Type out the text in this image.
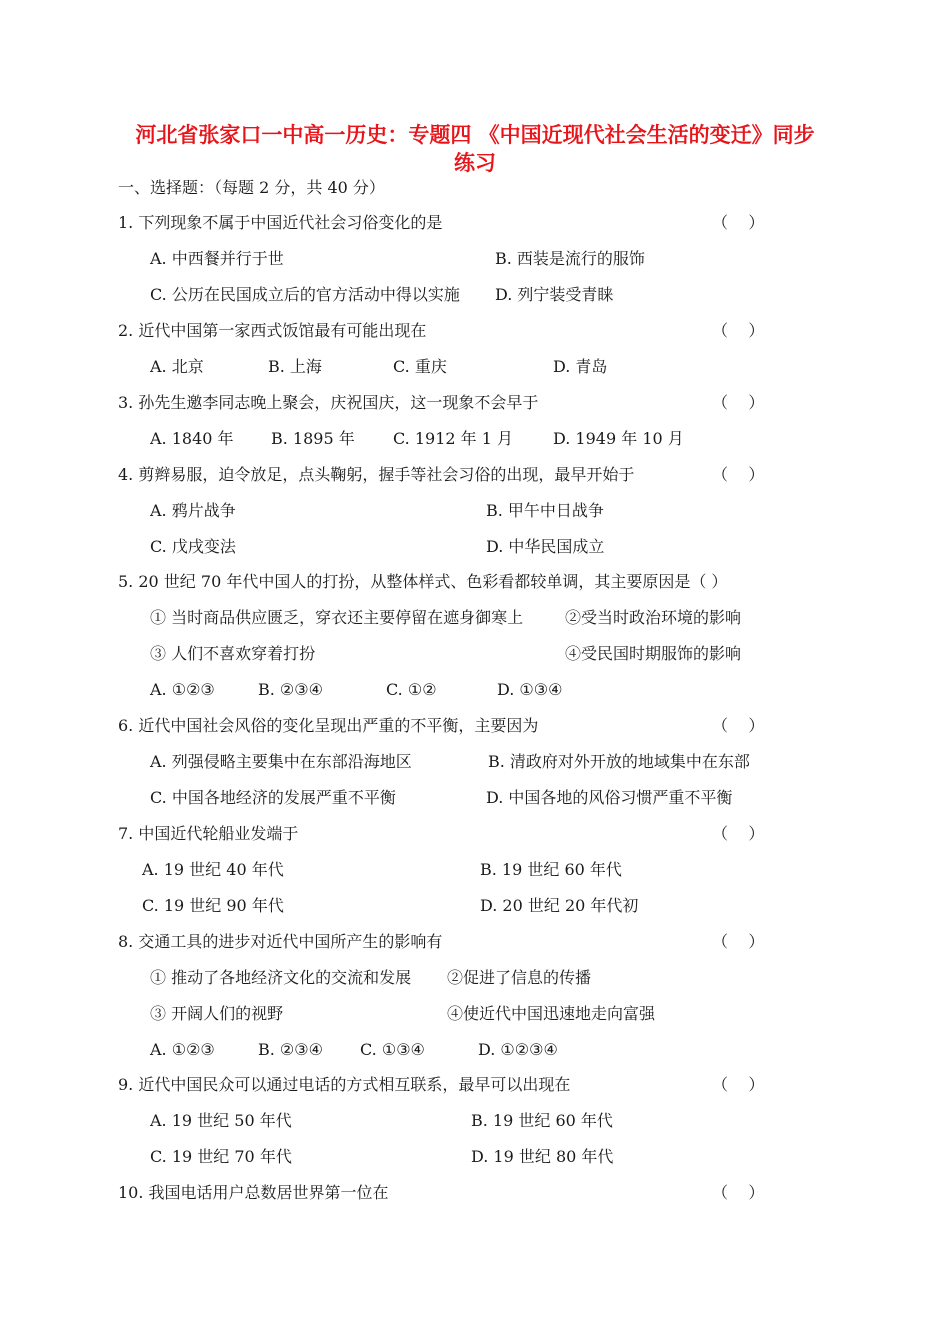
河北省张家口一中高一历史：专题四 《中国近现代社会生活的变迁》同步
练习
一、选择题：（每题 2 分，共 40 分）
1. 下列现象不属于中国近代社会习俗变化的是	（    ）
A. 中西餐并行于世	B. 西装是流行的服饰
C. 公历在民国成立后的官方活动中得以实施 D. 列宁装受青睐
2. 近代中国第一家西式饭馆最有可能出现在	（    ）
A. 北京	B. 上海	C. 重庆	D. 青岛
3. 孙先生邀李同志晚上聚会，庆祝国庆，这一现象不会早于	（    ）
A. 1840 年 B. 1895 年 C. 1912 年 1 月 D. 1949 年 10 月
4. 剪辫易服，迫令放足，点头鞠躬，握手等社会习俗的出现，最早开始于	（    ）
A. 鸦片战争	B. 甲午中日战争
C. 戊戌变法	D. 中华民国成立
5. 20 世纪 70 年代中国人的打扮，从整体样式、色彩看都较单调，其主要原因是（ ）
① 当时商品供应匮乏，穿衣还主要停留在遮身御寒上	②受当时政治环境的影响
③ 人们不喜欢穿着打扮	④受民国时期服饰的影响
A. ①②③	B. ②③④	C. ①②	D. ①③④
6. 近代中国社会风俗的变化呈现出严重的不平衡，主要因为	（    ）
A. 列强侵略主要集中在东部沿海地区	B. 清政府对外开放的地域集中在东部
C. 中国各地经济的发展严重不平衡	D. 中国各地的风俗习惯严重不平衡
7. 中国近代轮船业发端于	（    ）
A. 19 世纪 40 年代	B. 19 世纪 60 年代
C. 19 世纪 90 年代	D. 20 世纪 20 年代初
8. 交通工具的进步对近代中国所产生的影响有	（    ）
① 推动了各地经济文化的交流和发展 ②促进了信息的传播
③ 开阔人们的视野	④使近代中国迅速地走向富强
A. ①②③	B. ②③④ C. ①③④	D. ①②③④
9. 近代中国民众可以通过电话的方式相互联系，最早可以出现在	（    ）
A. 19 世纪 50 年代	B. 19 世纪 60 年代
C. 19 世纪 70 年代	D. 19 世纪 80 年代
10. 我国电话用户总数居世界第一位在	（    ）
